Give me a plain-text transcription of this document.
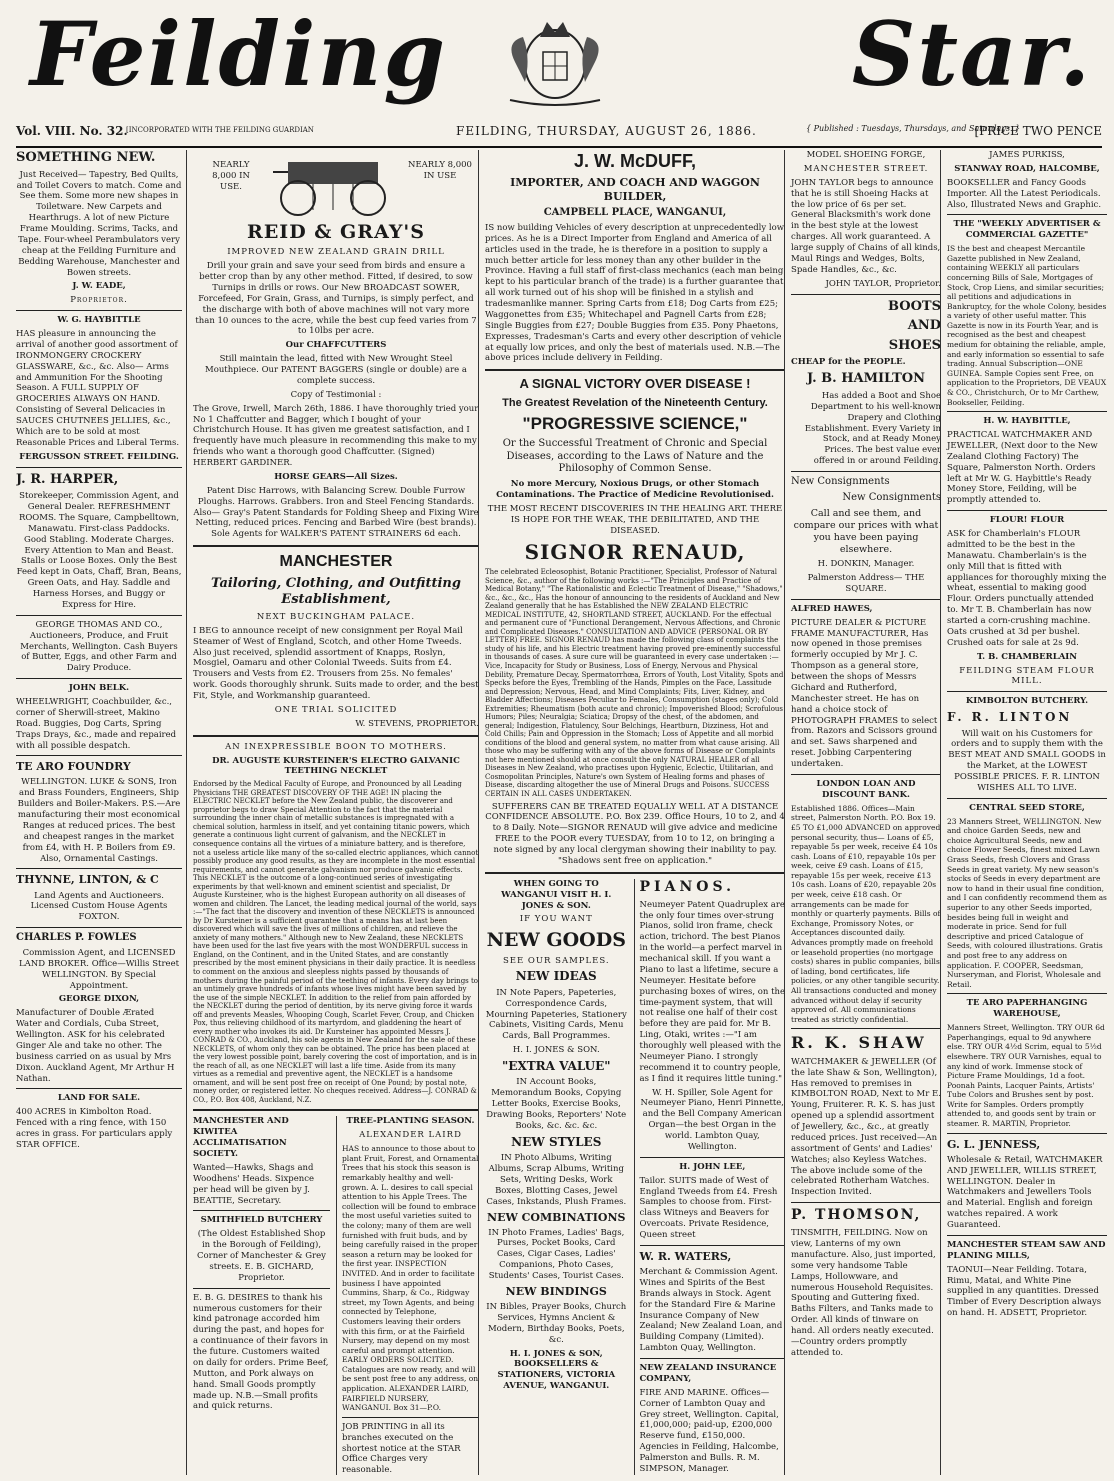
Feilding	Star.
Vol. VIII. No. 32.
[INCORPORATED WITH THE FEILDING GUARDIAN	FEILDING, THURSDAY, AUGUST 26, 1886.	{ Published : Tuesdays, Thursdays, and Saturdays. }
[PRICE TWO PENCE

SOMETHING NEW.

Just Received— Tapestry, Bed Quilts, and Toilet Covers to match. Come and See them. Some more new shapes in Toiletware. New Carpets and Hearthrugs. A lot of new Picture Frame Moulding. Scrims, Tacks, and Tape. Four-wheel Perambulators very cheap at the Feilding Furniture and Bedding Warehouse, Manchester and Bowen streets.

J. W. EADE,

Proprietor.

W. G. HAYBITTLE

HAS pleasure in announcing the arrival of another good assortment of IRONMONGERY CROCKERY GLASSWARE, &c., &c. Also— Arms and Ammunition For the Shooting Season. A FULL SUPPLY OF GROCERIES ALWAYS ON HAND. Consisting of Several Delicacies in SAUCES CHUTNEES JELLIES, &c., Which are to be sold at most Reasonable Prices and Liberal Terms.

FERGUSSON STREET. FEILDING.

J. R. HARPER,

Storekeeper, Commission Agent, and General Dealer. REFRESHMENT ROOMS. The Square, Campbelltown, Manawatu. First-class Paddocks. Good Stabling. Moderate Charges. Every Attention to Man and Beast. Stalls or Loose Boxes. Only the Best Feed kept in Oats, Chaff, Bran, Beans, Green Oats, and Hay. Saddle and Harness Horses, and Buggy or Express for Hire.

GEORGE THOMAS AND CO., Auctioneers, Produce, and Fruit Merchants, Wellington. Cash Buyers of Butter, Eggs, and other Farm and Dairy Produce.

JOHN BELK.

WHEELWRIGHT, Coachbuilder, &c., corner of Sherwill-street, Makino Road. Buggies, Dog Carts, Spring Traps Drays, &c., made and repaired with all possible despatch.

TE ARO FOUNDRY

WELLINGTON. LUKE & SONS, Iron and Brass Founders, Engineers, Ship Builders and Boiler-Makers. P.S.—Are manufacturing their most economical Ranges at reduced prices. The best and cheapest ranges in the market from £4, with H. P. Boilers from £9. Also, Ornamental Castings.

THYNNE, LINTON, & C

Land Agents and Auctioneers. Licensed Custom House Agents FOXTON.

CHARLES P. FOWLES

Commission Agent, and LICENSED LAND BROKER. Office—Willis Street WELLINGTON. By Special Appointment.

GEORGE DIXON,

Manufacturer of Double Ærated Water and Cordials, Cuba Street, Wellington. ASK for his celebrated Ginger Ale and take no other. The business carried on as usual by Mrs Dixon. Auckland Agent, Mr Arthur H Nathan.

LAND FOR SALE.

400 ACRES in Kimbolton Road. Fenced with a ring fence, with 150 acres in grass. For particulars apply STAR OFFICE.

NEARLY 8,000 IN USE.
NEARLY 8,000 IN USE

REID & GRAY'S

IMPROVED NEW ZEALAND GRAIN DRILL

Drill your grain and save your seed from birds and ensure a better crop than by any other method. Fitted, if desired, to sow Turnips in drills or rows. Our New BROADCAST SOWER, Forcefeed, For Grain, Grass, and Turnips, is simply perfect, and the discharge with both of above machines will not vary more than 10 ounces to the acre, while the best cup feed varies from 7 to 10lbs per acre.

Our CHAFFCUTTERS

Still maintain the lead, fitted with New Wrought Steel Mouthpiece. Our PATENT BAGGERS (single or double) are a complete success.

Copy of Testimonial :

The Grove, Irwell, March 26th, 1886. I have thoroughly tried your No 1 Chaffcutter and Bagger, which I bought of your Christchurch House. It has given me greatest satisfaction, and I frequently have much pleasure in recommending this make to my friends who want a thorough good Chaffcutter. (Signed) HERBERT GARDINER.

HORSE GEARS—All Sizes.

Patent Disc Harrows, with Balancing Screw. Double Furrow Ploughs. Harrows. Grabbers. Iron and Steel Fencing Standards. Also— Gray's Patent Standards for Folding Sheep and Fixing Wire Netting, reduced prices. Fencing and Barbed Wire (best brands). Sole Agents for WALKER'S PATENT STRAINERS 6d each.

MANCHESTER

Tailoring, Clothing, and Outfitting Establishment,

NEXT BUCKINGHAM PALACE.

I BEG to announce receipt of new consignment per Royal Mail Steamer of West of England, Scotch, and other Home Tweeds. Also just received, splendid assortment of Knapps, Roslyn, Mosgiel, Oamaru and other Colonial Tweeds. Suits from £4. Trousers and Vests from £2. Trousers from 25s. No females' work. Goods thoroughly shrunk. Suits made to order, and the best Fit, Style, and Workmanship guaranteed.

ONE TRIAL SOLICITED

W. STEVENS, PROPRIETOR.

AN INEXPRESSIBLE BOON TO MOTHERS.

DR. AUGUSTE KURSTEINER'S ELECTRO GALVANIC TEETHING NECKLET

Endorsed by the Medical Faculty of Europe, and Pronounced by all Leading Physicians THE GREATEST DISCOVERY OF THE AGE! IN placing the ELECTRIC NECKLET before the New Zealand public, the discoverer and proprietor begs to draw Special Attention to the fact that the material surrounding the inner chain of metallic substances is impregnated with a chemical solution, harmless in itself, and yet containing titanic powers, which generate a continuous light current of galvanism, and the NECKLET in consequence contains all the virtues of a miniature battery, and is therefore, not a useless article like many of the so-called electric appliances, which cannot possibly produce any good results, as they are incomplete in the most essential requirements, and cannot generate galvanism nor produce galvanic effects. This NECKLET is the outcome of a long-continued series of investigating experiments by that well-known and eminent scientist and specialist, Dr Auguste Kursteiner, who is the highest European authority on all diseases of women and children. The Lancet, the leading medical journal of the world, says :—"The fact that the discovery and invention of these NECKLETS is announced by Dr Kursteiner is a sufficient guarantee that a means has at last been discovered which will save the lives of millions of children, and relieve the anxiety of many mothers." Although new to New Zealand, these NECKLETS have been used for the last five years with the most WONDERFUL success in England, on the Continent, and in the United States, and are constantly prescribed by the most eminent physicians in their daily practice. It is needless to comment on the anxious and sleepless nights passed by thousands of mothers during the painful period of the teething of infants. Every day brings to an untimely grave hundreds of infants whose lives might have been saved by the use of the simple NECKLET. In addition to the relief from pain afforded by the NECKLET during the period of dentition, by its nerve giving force it wards off and prevents Measles, Whooping Cough, Scarlet Fever, Croup, and Chicken Pox, thus relieving childhood of its martyrdom, and gladdening the heart of every mother who invokes its aid. Dr Kursteiner has appointed Messrs J. CONRAD & CO., Auckland, his sole agents in New Zealand for the sale of these NECKLETS, of whom only they can be obtained. The price has been placed at the very lowest possible point, barely covering the cost of importation, and is in the reach of all, as one NECKLET will last a life time. Aside from its many virtues as a remedial and preventive agent, the NECKLET is a handsome ornament, and will be sent post free on receipt of One Pound; by postal note, money order, or registered letter. No cheques received. Address—J. CONRAD & CO., P.O. Box 408, Auckland, N.Z.

MANCHESTER AND KIWITEA ACCLIMATISATION SOCIETY.

Wanted—Hawks, Shags and Woodhens' Heads. Sixpence per head will be given by J. BEATTIE, Secretary.

SMITHFIELD BUTCHERY

(The Oldest Established Shop in the Borough of Feilding), Corner of Manchester & Grey streets. E. B. GICHARD, Proprietor.

E. B. G. DESIRES to thank his numerous customers for their kind patronage accorded him during the past, and hopes for a continuance of their favors in the future. Customers waited on daily for orders. Prime Beef, Mutton, and Pork always on hand. Small Goods promptly made up. N.B.—Small profits and quick returns.

TREE-PLANTING SEASON.

ALEXANDER LAIRD

HAS to announce to those about to plant Fruit, Forest, and Ornamental Trees that his stock this season is remarkably healthy and well-grown. A. L. desires to call special attention to his Apple Trees. The collection will be found to embrace the most useful varieties suited to the colony; many of them are well furnished with fruit buds, and by being carefully raised in the proper season a return may be looked for the first year. INSPECTION INVITED. And in order to facilitate business I have appointed Cummins, Sharp, & Co., Ridgway street, my Town Agents, and being connected by Telephone, Customers leaving their orders with this firm, or at the Fairfield Nursery, may depend on my most careful and prompt attention. EARLY ORDERS SOLICITED. Catalogues are now ready, and will be sent post free to any address, on application. ALEXANDER LAIRD, FAIRFIELD NURSERY, WANGANUI. Box 31—P.O.

JOB PRINTING in all its branches executed on the shortest notice at the STAR Office Charges very reasonable.

J. W. McDUFF,

IMPORTER, AND COACH AND WAGGON BUILDER,

CAMPBELL PLACE, WANGANUI,

IS now building Vehicles of every description at unprecedentedly low prices. As he is a Direct Importer from England and America of all articles used in the trade, he is therefore in a position to supply a much better article for less money than any other builder in the Province. Having a full staff of first-class mechanics (each man being kept to his particular branch of the trade) is a further guarantee that all work turned out of his shop will be finished in a stylish and tradesmanlike manner. Spring Carts from £18; Dog Carts from £25; Waggonettes from £35; Whitechapel and Pagnell Carts from £28; Single Buggies from £27; Double Buggies from £35. Pony Phaetons, Expresses, Tradesman's Carts and every other description of vehicle at equally low prices, and only the best of materials used. N.B.—The above prices include delivery in Feilding.

A SIGNAL VICTORY OVER DISEASE !

The Greatest Revelation of the Nineteenth Century.

"PROGRESSIVE SCIENCE,"

Or the Successful Treatment of Chronic and Special Diseases, according to the Laws of Nature and the Philosophy of Common Sense.

No more Mercury, Noxious Drugs, or other Stomach Contaminations. The Practice of Medicine Revolutionised.

THE MOST RECENT DISCOVERIES IN THE HEALING ART. THERE IS HOPE FOR THE WEAK, THE DEBILITATED, AND THE DISEASED.

SIGNOR RENAUD,

The celebrated Ecleosophist, Botanic Practitioner, Specialist, Professor of Natural Science, &c., author of the following works :—"The Principles and Practice of Medical Botany," "The Rationalistic and Eclectic Treatment of Disease," "Shadows," &c., &c., &c., Has the honour of announcing to the residents of Auckland and New Zealand generally that he has Established the NEW ZEALAND ELECTRIC MEDICAL INSTITUTE, 42, SHORTLAND STREET, AUCKLAND. For the effectual and permanent cure of "Functional Derangement, Nervous Affections, and Chronic and Complicated Diseases." CONSULTATION AND ADVICE (PERSONAL OR BY LETTER) FREE. SIGNOR RENAUD has made the following class of complaints the study of his life, and his Electric treatment having proved pre-eminently successful in thousands of cases. A sure cure will be guaranteed in every case undertaken :—Vice, Incapacity for Study or Business, Loss of Energy, Nervous and Physical Debility, Premature Decay, Spermatorrhœa, Errors of Youth, Lost Vitality, Spots and Specks before the Eyes, Trembling of the Hands, Pimples on the Face, Lassitude and Depression; Nervous, Head, and Mind Complaints; Fits, Liver, Kidney, and Bladder Affections; Diseases Peculiar to Females, Consumption (stages only); Cold Extremities; Rheumatism (both acute and chronic); Impoverished Blood; Scrofulous Humors; Piles; Neuralgia; Sciatica; Dropsy of the chest, of the abdomen, and general; Indigestion, Flatulency, Sour Belchings, Heartburn, Dizziness, Hot and Cold Chills; Pain and Oppression in the Stomach; Loss of Appetite and all morbid conditions of the blood and general system, no matter from what cause arising. All those who may be suffering with any of the above forms of Disease or Complaints not here mentioned should at once consult the only NATURAL HEALER of all Diseases in New Zealand, who practises upon Hygienic, Eclectic, Utilitarian, and Cosmopolitan Principles, Nature's own System of Healing forms and phases of Disease, discarding altogether the use of Mineral Drugs and Poisons. SUCCESS CERTAIN IN ALL CASES UNDERTAKEN.

SUFFERERS CAN BE TREATED EQUALLY WELL AT A DISTANCE CONFIDENCE ABSOLUTE. P.O. Box 239. Office Hours, 10 to 2, and 4 to 8 Daily. Note—SIGNOR RENAUD will give advice and medicine FREE to the POOR every TUESDAY, from 10 to 12, on bringing a note signed by any local clergyman showing their inability to pay. "Shadows sent free on application."

WHEN GOING TO WANGANUI VISIT H. I. JONES & SON.

IF YOU WANT

NEW GOODS

SEE OUR SAMPLES.

NEW IDEAS

IN Note Papers, Papeteries, Correspondence Cards, Mourning Papeteries, Stationery Cabinets, Visiting Cards, Menu Cards, Ball Programmes.

H. I. JONES & SON.

"EXTRA VALUE"

IN Account Books, Memorandum Books, Copying Letter Books, Exercise Books, Drawing Books, Reporters' Note Books, &c. &c. &c.

NEW STYLES

IN Photo Albums, Writing Albums, Scrap Albums, Writing Sets, Writing Desks, Work Boxes, Blotting Cases, Jewel Cases, Inkstands, Plush Frames.

NEW COMBINATIONS

IN Photo Frames, Ladies' Bags, Purses, Pocket Books, Card Cases, Cigar Cases, Ladies' Companions, Photo Cases, Students' Cases, Tourist Cases.

NEW BINDINGS

IN Bibles, Prayer Books, Church Services, Hymns Ancient & Modern, Birthday Books, Poets, &c.

H. I. JONES & SON, BOOKSELLERS & STATIONERS, VICTORIA AVENUE, WANGANUI.

PIANOS.

Neumeyer Patent Quadruplex are the only four times over-strung Pianos, solid iron frame, check action, trichord. The best Pianos in the world—a perfect marvel in mechanical skill. If you want a Piano to last a lifetime, secure a Neumeyer. Hesitate before purchasing boxes of wires, on the time-payment system, that will not realise one half of their cost before they are paid for. Mr B. Ling, Otaki, writes :—"I am thoroughly well pleased with the Neumeyer Piano. I strongly recommend it to country people, as I find it requires little tuning."

W. H. Spiller, Sole Agent for Neumeyer Piano, Henri Pinnette, and the Bell Company American Organ—the best Organ in the world. Lambton Quay, Wellington.

H. JOHN LEE,

Tailor. SUITS made of West of England Tweeds from £4. Fresh Samples to choose from. First-class Witneys and Beavers for Overcoats. Private Residence, Queen street

W. R. WATERS,

Merchant & Commission Agent. Wines and Spirits of the Best Brands always in Stock. Agent for the Standard Fire & Marine Insurance Company of New Zealand; New Zealand Loan, and Building Company (Limited). Lambton Quay, Wellington.

NEW ZEALAND INSURANCE COMPANY,

FIRE AND MARINE. Offices—Corner of Lambton Quay and Grey street, Wellington. Capital, £1,000,000; paid-up, £200,000 Reserve fund, £150,000. Agencies in Feilding, Halcombe, Palmerston and Bulls. R. M. SIMPSON, Manager.

MODEL SHOEING FORGE,

MANCHESTER STREET.

JOHN TAYLOR begs to announce that he is still Shoeing Hacks at the low price of 6s per set. General Blacksmith's work done in the best style at the lowest charges. All work guaranteed. A large supply of Chains of all kinds, Maul Rings and Wedges, Bolts, Spade Handles, &c., &c.

JOHN TAYLOR, Proprietor.

BOOTS

AND

SHOES

CHEAP for the PEOPLE.

J. B. HAMILTON

Has added a Boot and Shoe Department to his well-known Drapery and Clothing Establishment. Every Variety in Stock, and at Ready Money Prices. The best value ever offered in or around Feilding.

New Consignments

New Consignments

Call and see them, and compare our prices with what you have been paying elsewhere.

H. DONKIN, Manager.

Palmerston Address— THE SQUARE.

ALFRED HAWES,

PICTURE DEALER & PICTURE FRAME MANUFACTURER, Has now opened in those premises formerly occupied by Mr J. C. Thompson as a general store, between the shops of Messrs Gichard and Rutherford, Manchester street. He has on hand a choice stock of PHOTOGRAPH FRAMES to select from. Razors and Scissors ground and set. Saws sharpened and reset. Jobbing Carpentering undertaken.

LONDON LOAN AND DISCOUNT BANK.

Established 1886. Offices—Main street, Palmerston North. P.O. Box 19. £5 TO £1,000 ADVANCED on approved personal security, thus— Loans of £5, repayable 5s per week, receive £4 10s cash. Loans of £10, repayable 10s per week, ceive £9 cash. Loans of £15, repayable 15s per week, receive £13 10s cash. Loans of £20, repayable 20s per week, ceive £18 cash. Or arrangements can be made for monthly or quarterly payments. Bills of Exchange, Promissory Notes, or Acceptances discounted daily. Advances promptly made on freehold or leasehold properties (no mortgage costs) shares in public companies, bills of lading, bond certificates, life policies, or any other tangible security. All transactions conducted and money advanced without delay if security approved of. All communications treated as strictly confidential.

R. K. SHAW

WATCHMAKER & JEWELLER (Of the late Shaw & Son, Wellington), Has removed to premises in KIMBOLTON ROAD, Next to Mr E. Young, Fruiterer. R. K. S. has just opened up a splendid assortment of Jewellery, &c., &c., at greatly reduced prices. Just received—An assortment of Gents' and Ladies' Watches; also Keyless Watches. The above include some of the celebrated Rotherham Watches. Inspection Invited.

P. THOMSON,

TINSMITH, FEILDING. Now on view, Lanterns of my own manufacture. Also, just imported, some very handsome Table Lamps, Hollowware, and numerous Household Requisites. Spouting and Guttering fixed. Baths Filters, and Tanks made to Order. All kinds of tinware on hand. All orders neatly executed.—Country orders promptly attended to.

JAMES PURKISS,

STANWAY ROAD, HALCOMBE,

BOOKSELLER and Fancy Goods Importer. All the Latest Periodicals. Also, Illustrated News and Graphic.

THE "WEEKLY ADVERTISER & COMMERCIAL GAZETTE"

IS the best and cheapest Mercantile Gazette published in New Zealand, containing WEEKLY all particulars concerning Bills of Sale, Mortgages of Stock, Crop Liens, and similar securities; all petitions and adjudications in Bankruptcy, for the whole Colony, besides a variety of other useful matter. This Gazette is now in its Fourth Year, and is recognised as the best and cheapest medium for obtaining the reliable, ample, and early information so essential to safe trading. Annual Subscription—ONE GUINEA. Sample Copies sent Free, on application to the Proprietors, DE VEAUX & CO., Christchurch, Or to Mr Carthew, Bookseller, Feilding.

H. W. HAYBITTLE,

PRACTICAL WATCHMAKER AND JEWELLER, (Next door to the New Zealand Clothing Factory) The Square, Palmerston North. Orders left at Mr W. G. Haybittle's Ready Money Store, Feilding, will be promptly attended to.

FLOUR! FLOUR

ASK for Chamberlain's FLOUR admitted to be the best in the Manawatu. Chamberlain's is the only Mill that is fitted with appliances for thoroughly mixing the wheat, essential to making good Flour. Orders punctually attended to. Mr T. B. Chamberlain has now started a corn-crushing machine. Oats crushed at 3d per bushel. Crushed oats for sale at 2s 9d.

T. B. CHAMBERLAIN

FEILDING STEAM FLOUR MILL.

KIMBOLTON BUTCHERY.

F. R. LINTON

Will wait on his Customers for orders and to supply them with the BEST MEAT AND SMALL GOODS in the Market, at the LOWEST POSSIBLE PRICES. F. R. LINTON WISHES ALL TO LIVE.

CENTRAL SEED STORE,

23 Manners Street, WELLINGTON. New and choice Garden Seeds, new and choice Agricultural Seeds, new and choice Flower Seeds, finest mixed Lawn Grass Seeds, fresh Clovers and Grass Seeds in great variety. My new season's stocks of Seeds in every department are now to hand in their usual fine condition, and I can confidently recommend them as superior to any other Seeds imported, besides being full in weight and moderate in price. Send for full descriptive and priced Catalogue of Seeds, with coloured illustrations. Gratis and post free to any address on application. F. COOPER, Seedsman, Nurseryman, and Florist, Wholesale and Retail.

TE ARO PAPERHANGING WAREHOUSE,

Manners Street, Wellington. TRY OUR 6d Paperhangings, equal to 9d anywhere else. TRY OUR 4½d Scrim, equal to 5½d elsewhere. TRY OUR Varnishes, equal to any kind of work. Immense stock of Picture Frame Mouldings, 1d a foot. Poonah Paints, Lacquer Paints, Artists' Tube Colors and Brushes sent by post. Write for Samples. Orders promptly attended to, and goods sent by train or steamer. R. MARTIN, Proprietor.

G. L. JENNESS,

Wholesale & Retail, WATCHMAKER AND JEWELLER, WILLIS STREET, WELLINGTON. Dealer in Watchmakers and Jewellers Tools and Material. English and foreign watches repaired. A work Guaranteed.

MANCHESTER STEAM SAW AND PLANING MILLS,

TAONUI—Near Feilding. Totara, Rimu, Matai, and White Pine supplied in any quantities. Dressed Timber of Every Description always on hand. H. ADSETT, Proprietor.
